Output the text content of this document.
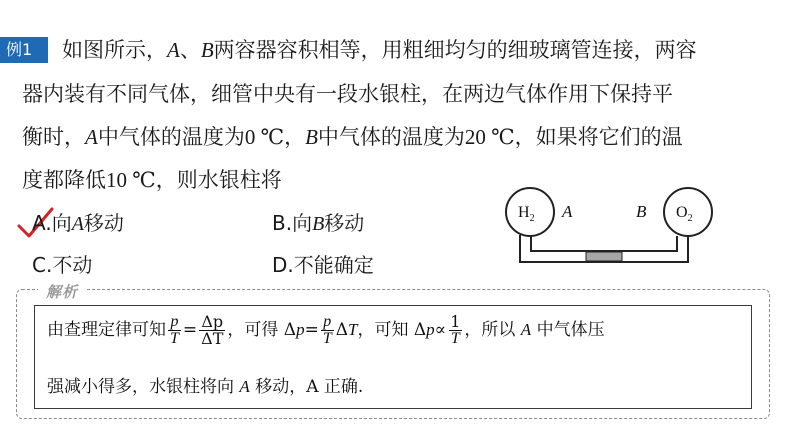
例1	如图所示，A、B两容器容积相等，用粗细均匀的细玻璃管连接，两容
器内装有不同气体，细管中央有一段水银柱，在两边气体作用下保持平
衡时，A中气体的温度为0 ℃，B中气体的温度为20 ℃，如果将它们的温
度都降低10 ℃，则水银柱将
A.向A移动	B.向B移动
C.不动	D.不能确定
$H_2$	$O_2$
A	B
解析
由查理定律可知 $\frac{p}{T} = \frac{\Delta p}{\Delta T}$ ，可得 $\Delta p= \frac{p}{T}$ ΔT，可知 $\Delta p\propto \frac{1}{T}$ ，所以 A 中气体压
强减小得多，水银柱将向 A 移动，A 正确.
